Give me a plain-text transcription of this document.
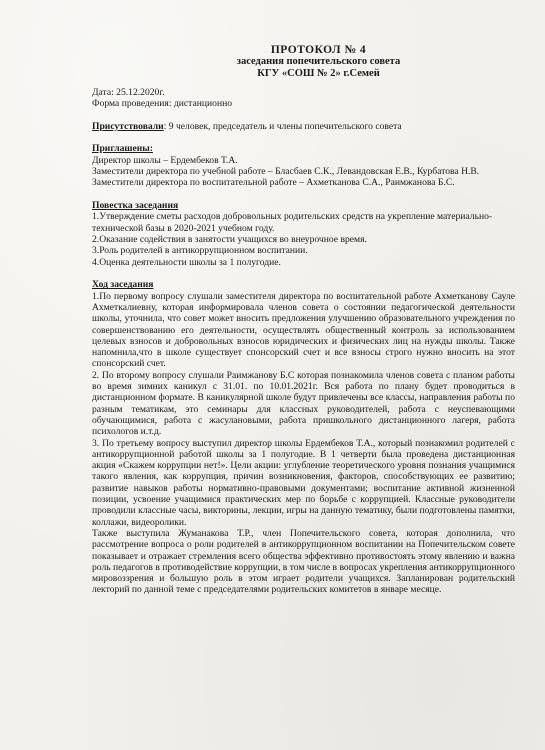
ПРОТОКОЛ № 4
заседания попечительского совета
КГУ «СОШ № 2» г.Семей

Дата: 25.12.2020г.

Форма проведения: дистанционно

Присутствовали: 9 человек, председатель и члены попечительского совета

Приглашены:

Директор школы – Ердембеков Т.А.

Заместители директора по учебной работе – Бласбаев С.К., Левандовская Е.В., Курбатова Н.В.

Заместители директора по воспитательной работе – Ахметканова С.А., Раимжанова Б.С.

Повестка заседания

1.Утверждение сметы расходов добровольных родительских средств на укрепление материально-технической базы в 2020-2021 учебном году.

2.Оказание содействия в занятости учащихся во внеурочное время.

3.Роль родителей в антикоррупционном воспитании.

4.Оценка деятельности школы за 1 полугодие.

Ход заседания

1.По первому вопросу слушали заместителя директора по воспитательной работе Ахметканову Сауле Ахметкалиевну, которая информировала членов совета о состоянии педагогической деятельности школы, уточнила, что совет может вносить предложения улучшению образовательного учреждения по совершенствованию его деятельности, осуществлять общественный контроль за использованием целевых взносов и добровольных взносов юридических и физических лиц на нужды школы. Также напомнила,что в школе существует спонсорский счет и все взносы строго нужно вносить на этот спонсорский счет.

2. По второму вопросу слушали Раимжанову Б.С которая познакомила членов совета с планом работы во время зимних каникул с 31.01. по 10.01.2021г. Вся работа по плану будет проводиться в дистанционном формате. В каникулярной школе будут привлечены все классы, направления работы по разным тематикам, это семинары для классных руководителей, работа с неуспевающими обучающимися, работа с жасулановыми, работа пришкольного дистанционного лагеря, работа психологов и.т.д.

3. По третьему вопросу выступил директор школы Ердембеков Т.А., который познакомил родителей с антикоррупционной работой школы за 1 полугодие. В 1 четверти была проведена дистанционная акция «Скажем коррупции нет!». Цели акции: углубление теоретического уровня познания учащимися такого явления, как коррупция, причин возникновения, факторов, способствующих ее развитию; развитие навыков работы нормативно-правовыми документами; воспитание активной жизненной позиции, усвоение учащимися практических мер по борьбе с коррупцией. Классные руководители проводили классные часы, викторины, лекции, игры на данную тематику, были подготовлены памятки, коллажи, видеоролики.

Также выступила Жуманакова Т.Р., член Попечительского совета, которая дополнила, что рассмотрение вопроса о роли родителей в антикоррупционном воспитании на Попечительском совете показывает и отражает стремления всего общества эффективно противостоять этому явлению и важна роль педагогов в противодействие коррупции, в том числе в вопросах укрепления антикоррупционного мировоззрения и большую роль в этом играет родители учащихся. Запланирован родительский лекторий по данной теме с председателями родительских комитетов в январе месяце.
